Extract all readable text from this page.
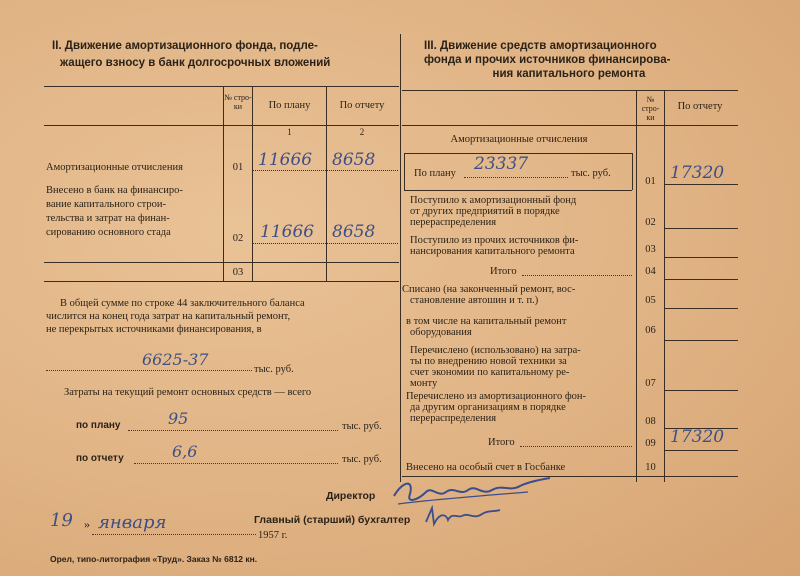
II. Движение амортизационного фонда, подле-
жащего взносу в банк долгосрочных вложений
№ стро- ки	По плану	По отчету
1	2
Амортизационные отчисления	01 11666 8658
Внесено в банк на финансиро-
вание капитального строи-
тельства и затрат на финан-
сированию основного стада
02 11666 8658
03
В общей сумме по строке 44 заключительного баланса
числится на конец года затрат на капитальный ремонт,
не перекрытых источниками финансирования, в
6625-37
тыс. руб.
Затраты на текущий ремонт основных средств — всего
по плану	95	тыс. руб.
по отчету	6,6	тыс. руб.
III. Движение средств амортизационного
фонда и прочих источников финансирова-
ния капитального ремонта
№ стро- ки
По отчету
Амортизационные отчисления
По плану 23337	тыс. руб.
01 17320
Поступило к амортизационный фонд
от других предприятий в порядке
перераспределения	02
Поступило из прочих источников фи-
нансирования капитального ремонта	03
Итого	04
Списано (на законченный ремонт, вос-
становление автошин и т. п.)	05
в том числе на капитальный ремонт
оборудования	06
Перечислено (использовано) на затра-
ты по внедрению новой техники за
счет экономии по капитальному ре-
монту	07
Перечислено из амортизационного фон-
да другим организациям в порядке
перераспределения	08
Итого	09 17320
Внесено на особый счет в Госбанке	10
Директор
Главный (старший) бухгалтер
19 » января
1957 г.
Орел, типо-литография «Труд». Заказ № 6812 кн.
